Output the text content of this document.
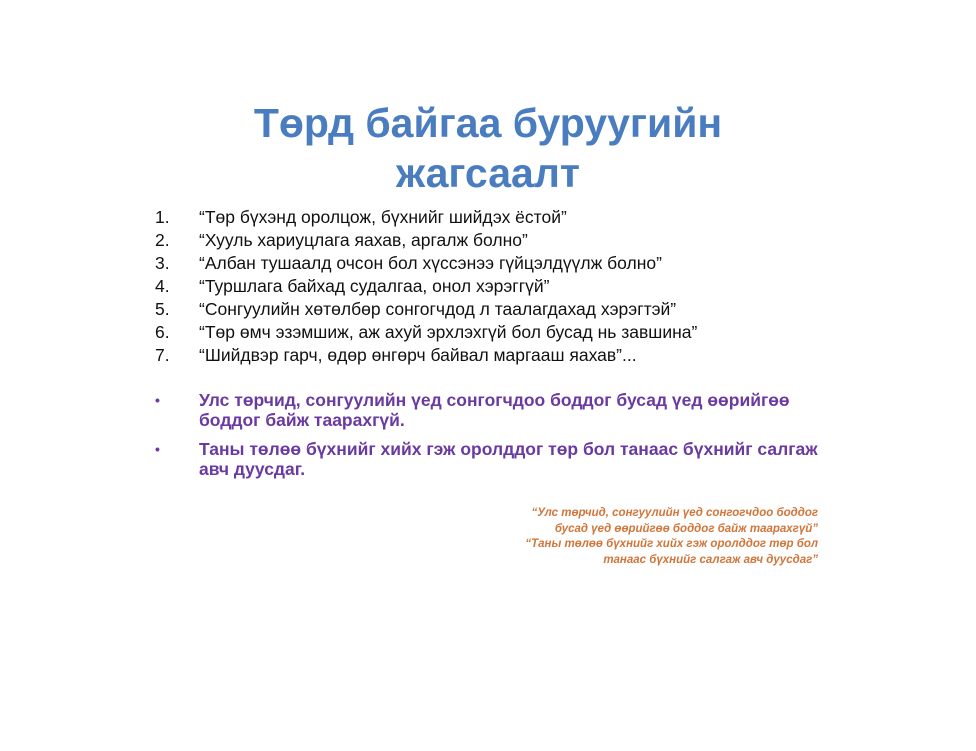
Төрд байгаа буруугийн
жагсаалт
1.	“Төр бүхэнд оролцож, бүхнийг шийдэх ёстой”
2.	“Хууль хариуцлага яахав, аргалж болно”
3.	“Албан тушаалд очсон бол хүссэнээ гүйцэлдүүлж болно”
4.	“Туршлага байхад судалгаа, онол хэрэггүй”
5.	“Сонгуулийн хөтөлбөр сонгогчдод л таалагдахад хэрэгтэй”
6.	“Төр өмч эзэмшиж, аж ахуй эрхлэхгүй бол бусад нь завшина”
7.	“Шийдвэр гарч, өдөр өнгөрч байвал маргааш яахав”...
•	Улс төрчид, сонгуулийн үед сонгогчдоо боддог бусад үед өөрийгөө боддог байж таарахгүй.
•	Таны төлөө бүхнийг хийх гэж оролддог төр бол танаас бүхнийг салгаж авч дуусдаг.
“Улс төрчид, сонгуулийн үед сонгогчдоо боддог
бусад үед өөрийгөө боддог байж таарахгүй”
“Таны төлөө бүхнийг хийх гэж оролддог төр бол
танаас бүхнийг салгаж авч дуусдаг”
